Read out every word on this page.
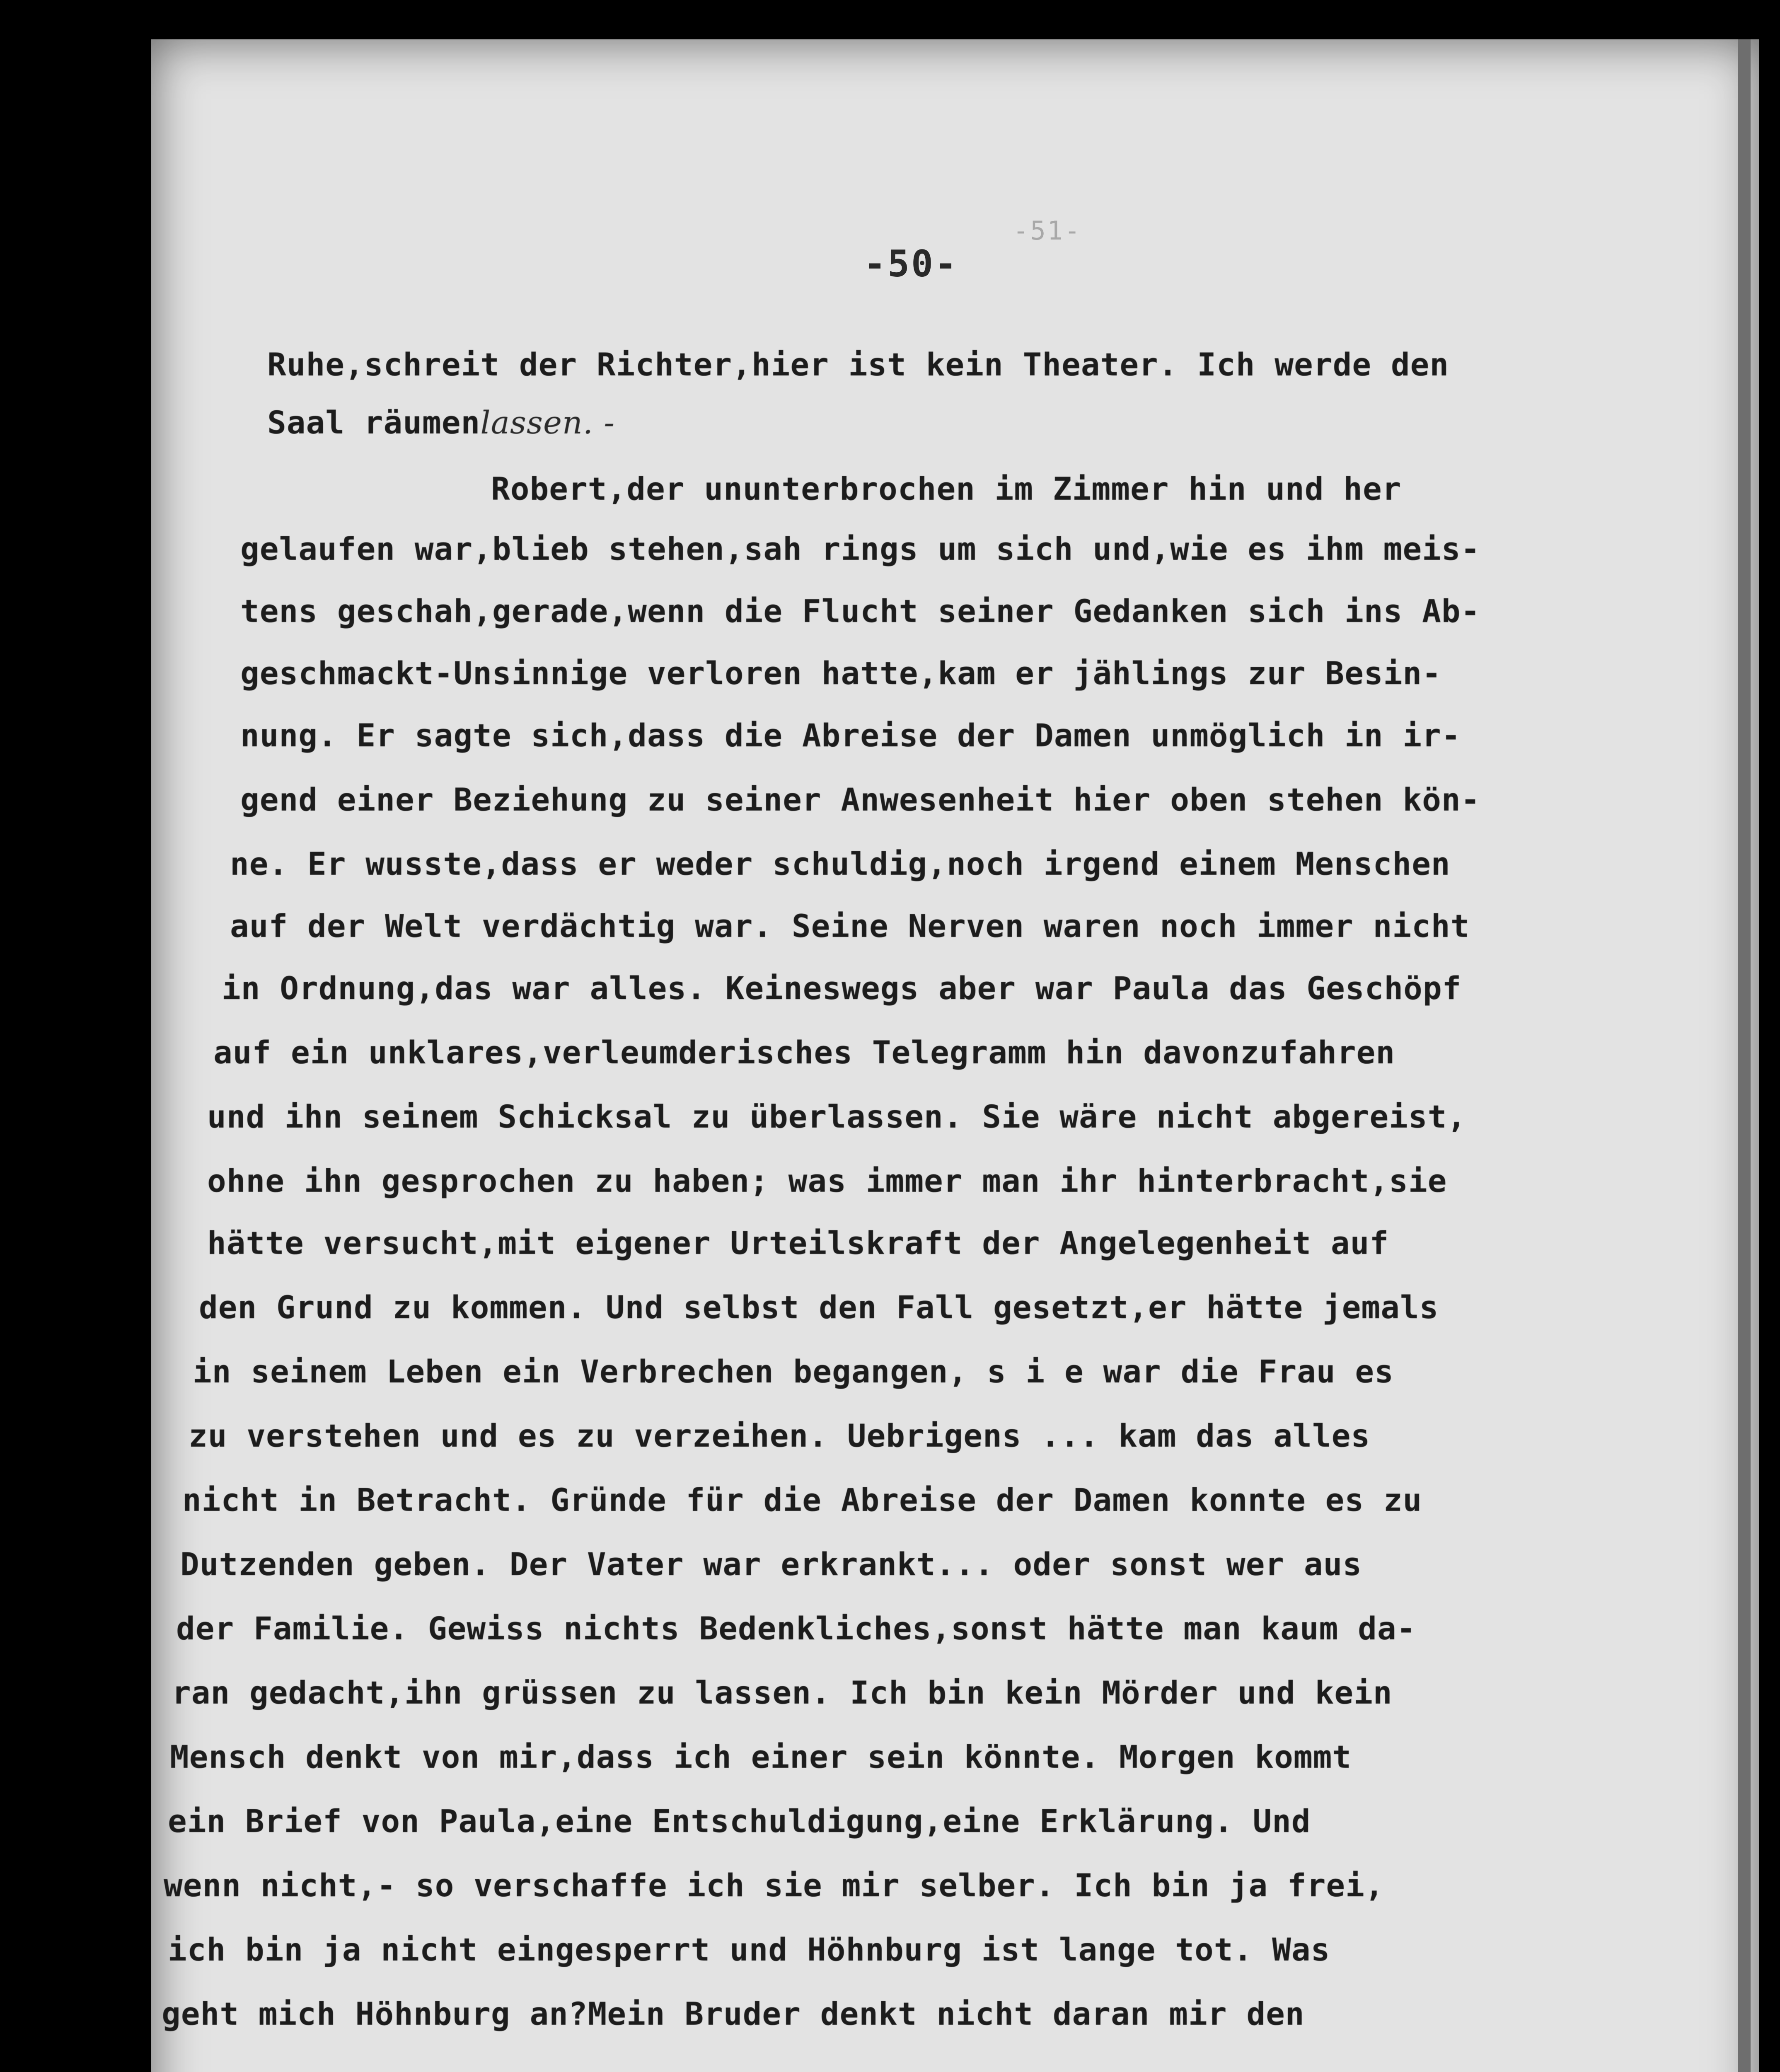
-51-
-50-
Ruhe,schreit der Richter,hier ist kein Theater. Ich werde den
Saal räumenlassen. -
Robert,der ununterbrochen im Zimmer hin und her
gelaufen war,blieb stehen,sah rings um sich und,wie es ihm meis-
tens geschah,gerade,wenn die Flucht seiner Gedanken sich ins Ab-
geschmackt-Unsinnige verloren hatte,kam er jählings zur Besin-
nung. Er sagte sich,dass die Abreise der Damen unmöglich in ir-
gend einer Beziehung zu seiner Anwesenheit hier oben stehen kön-
ne. Er wusste,dass er weder schuldig,noch irgend einem Menschen
auf der Welt verdächtig war. Seine Nerven waren noch immer nicht
in Ordnung,das war alles. Keineswegs aber war Paula das Geschöpf
auf ein unklares,verleumderisches Telegramm hin davonzufahren
und ihn seinem Schicksal zu überlassen. Sie wäre nicht abgereist,
ohne ihn gesprochen zu haben; was immer man ihr hinterbracht,sie
hätte versucht,mit eigener Urteilskraft der Angelegenheit auf
den Grund zu kommen. Und selbst den Fall gesetzt,er hätte jemals
in seinem Leben ein Verbrechen begangen, s i e war die Frau es
zu verstehen und es zu verzeihen. Uebrigens ... kam das alles
nicht in Betracht. Gründe für die Abreise der Damen konnte es zu
Dutzenden geben. Der Vater war erkrankt... oder sonst wer aus
der Familie. Gewiss nichts Bedenkliches,sonst hätte man kaum da-
ran gedacht,ihn grüssen zu lassen. Ich bin kein Mörder und kein
Mensch denkt von mir,dass ich einer sein könnte. Morgen kommt
ein Brief von Paula,eine Entschuldigung,eine Erklärung. Und
wenn nicht,- so verschaffe ich sie mir selber. Ich bin ja frei,
ich bin ja nicht eingesperrt und Höhnburg ist lange tot. Was
geht mich Höhnburg an?Mein Bruder denkt nicht daran mir den
